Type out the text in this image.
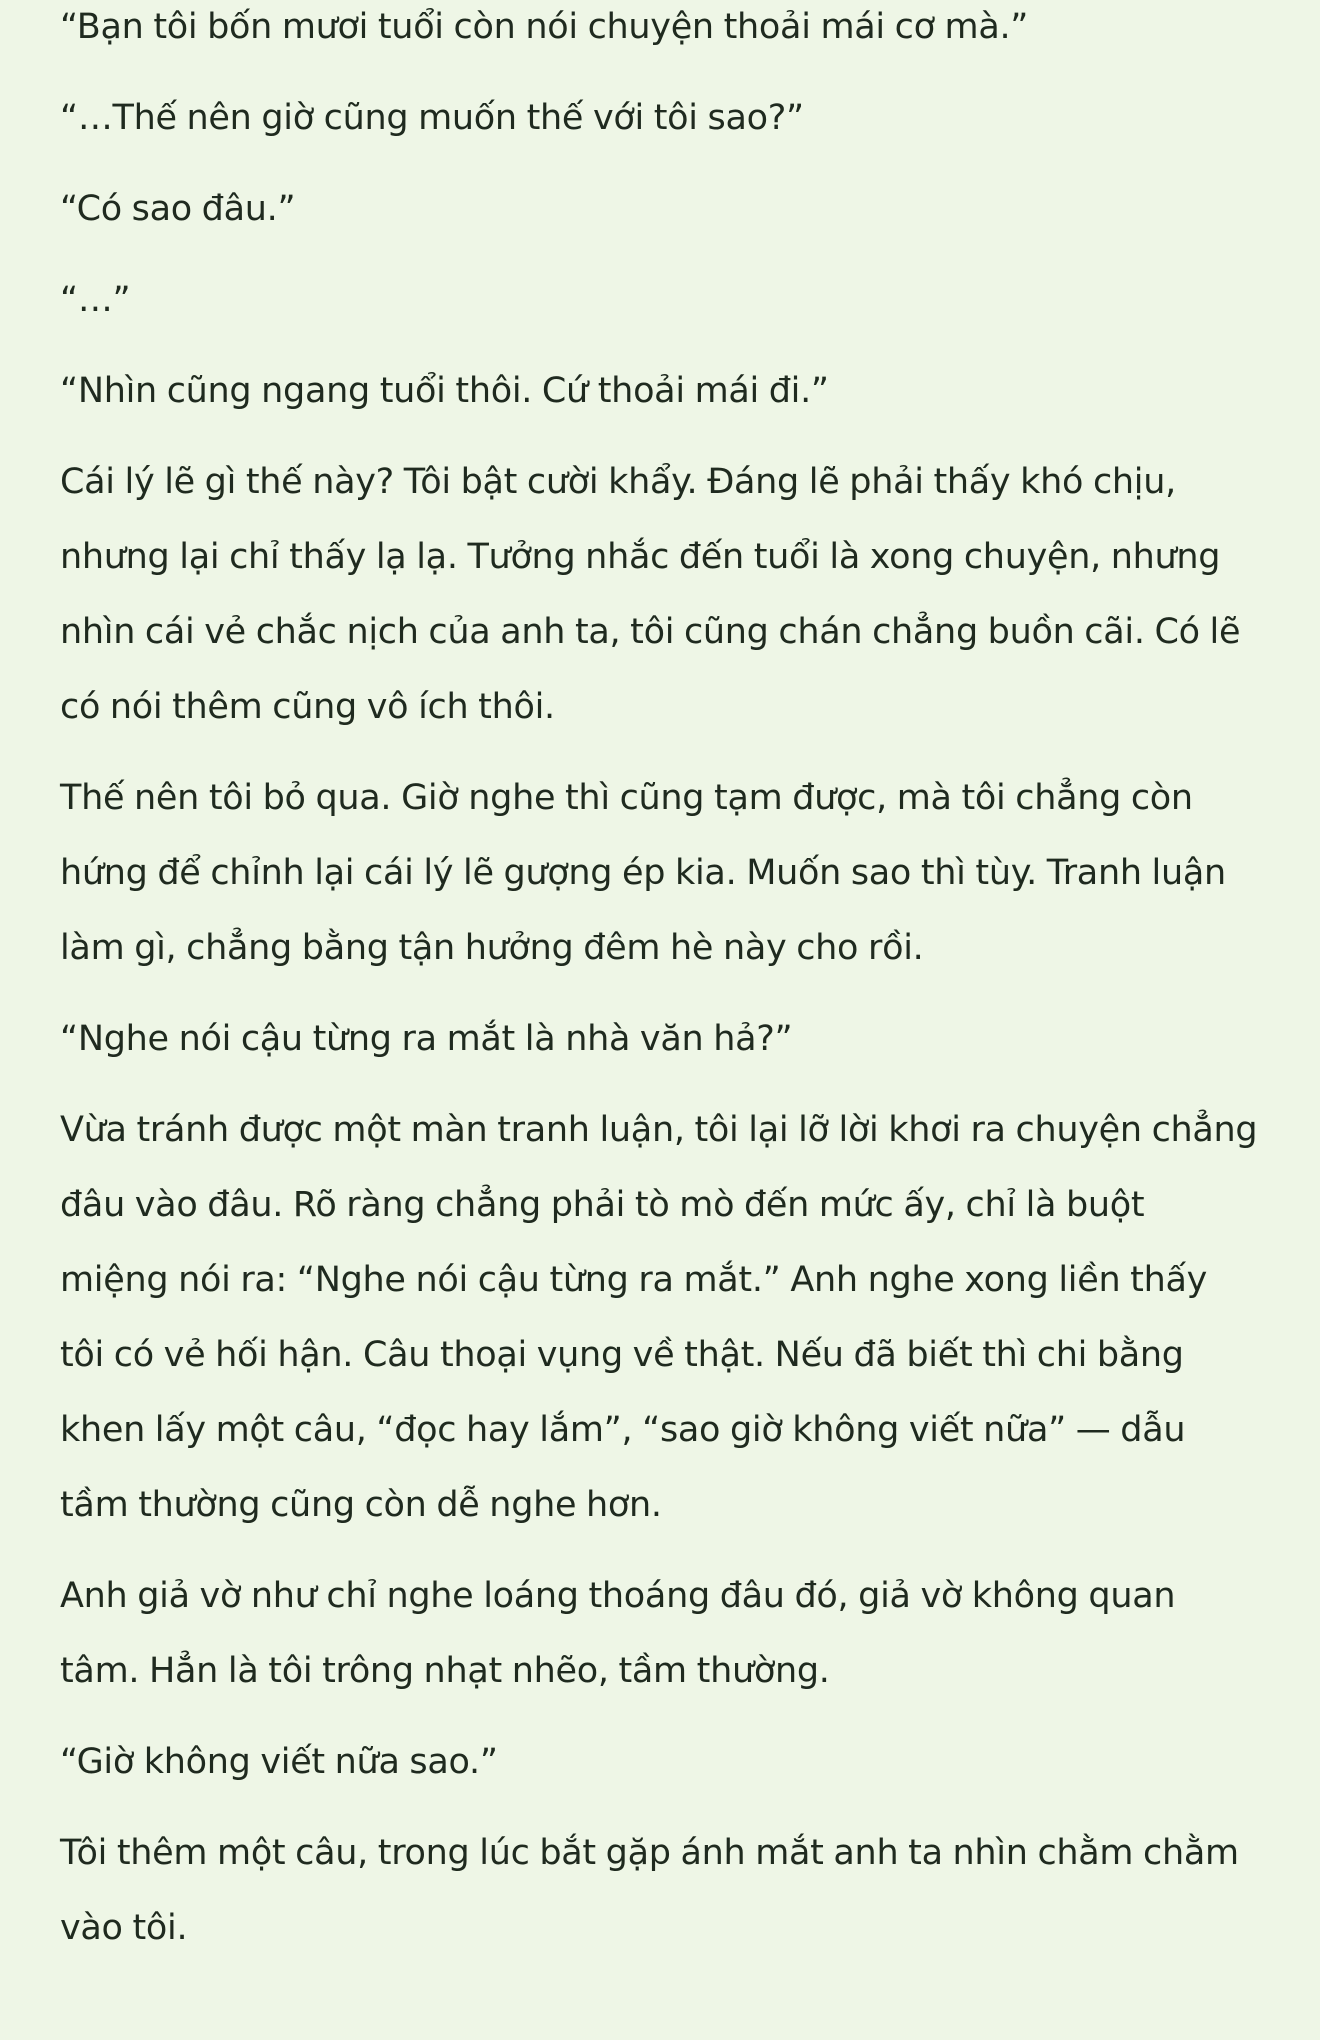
“Bạn tôi bốn mươi tuổi còn nói chuyện thoải mái cơ mà.”

“…Thế nên giờ cũng muốn thế với tôi sao?”

“Có sao đâu.”

“…”

“Nhìn cũng ngang tuổi thôi. Cứ thoải mái đi.”

Cái lý lẽ gì thế này? Tôi bật cười khẩy. Đáng lẽ phải thấy khó chịu, nhưng lại chỉ thấy lạ lạ. Tưởng nhắc đến tuổi là xong chuyện, nhưng nhìn cái vẻ chắc nịch của anh ta, tôi cũng chán chẳng buồn cãi. Có lẽ có nói thêm cũng vô ích thôi.

Thế nên tôi bỏ qua. Giờ nghe thì cũng tạm được, mà tôi chẳng còn hứng để chỉnh lại cái lý lẽ gượng ép kia. Muốn sao thì tùy. Tranh luận làm gì, chẳng bằng tận hưởng đêm hè này cho rồi.

“Nghe nói cậu từng ra mắt là nhà văn hả?”

Vừa tránh được một màn tranh luận, tôi lại lỡ lời khơi ra chuyện chẳng đâu vào đâu. Rõ ràng chẳng phải tò mò đến mức ấy, chỉ là buột miệng nói ra: “Nghe nói cậu từng ra mắt.” Anh nghe xong liền thấy tôi có vẻ hối hận. Câu thoại vụng về thật. Nếu đã biết thì chi bằng khen lấy một câu, “đọc hay lắm”, “sao giờ không viết nữa” — dẫu tầm thường cũng còn dễ nghe hơn.

Anh giả vờ như chỉ nghe loáng thoáng đâu đó, giả vờ không quan tâm. Hẳn là tôi trông nhạt nhẽo, tầm thường.

“Giờ không viết nữa sao.”

Tôi thêm một câu, trong lúc bắt gặp ánh mắt anh ta nhìn chằm chằm vào tôi.
